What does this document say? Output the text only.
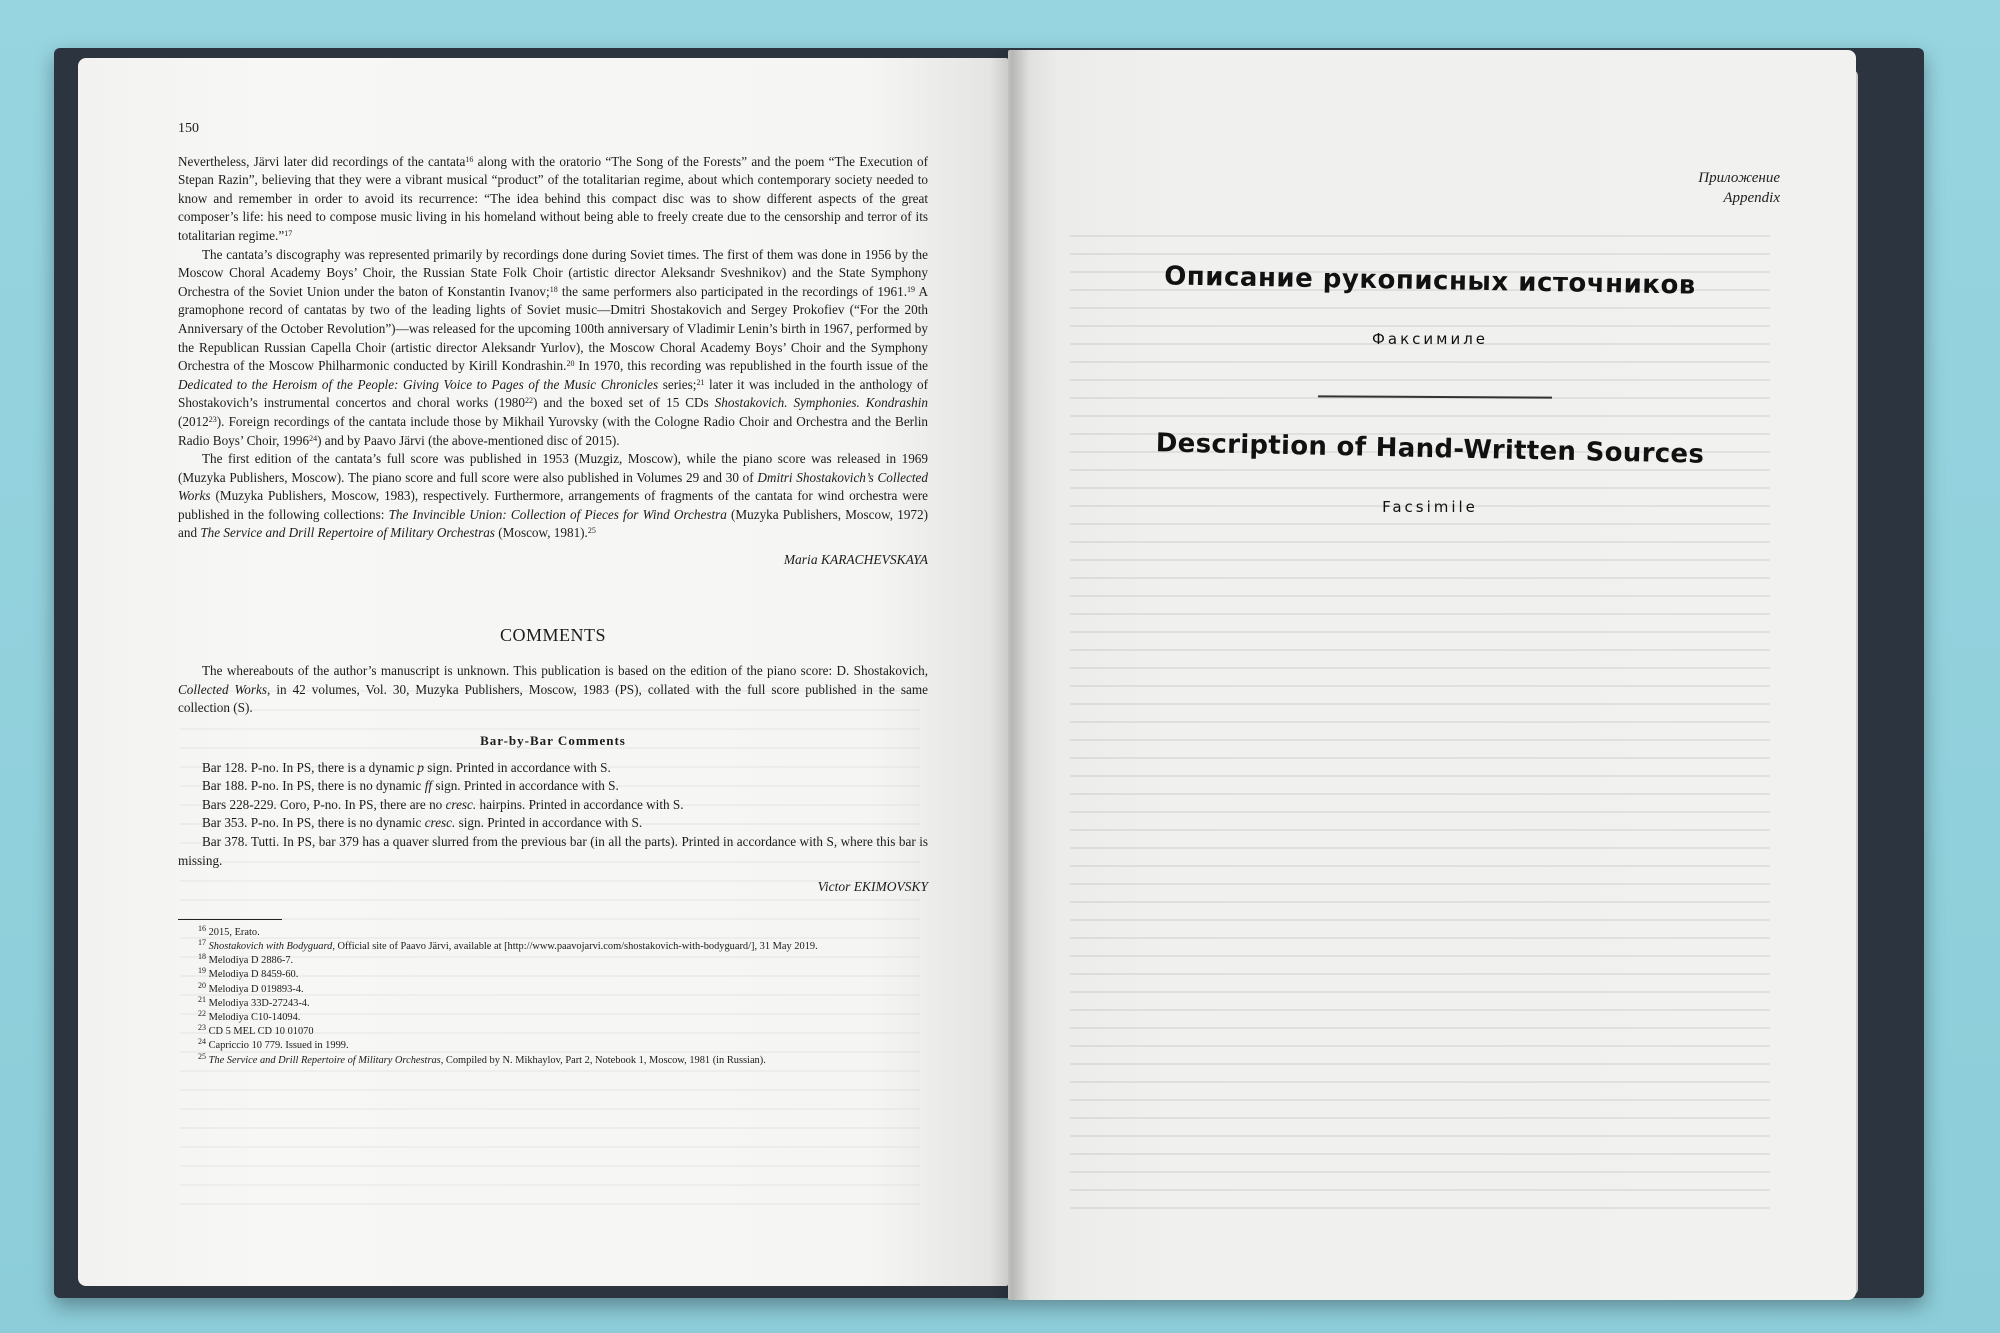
150

Nevertheless, Järvi later did recordings of the cantata$^{16}$ along with the oratorio “The Song of the Forests” and the poem “The Execution of Stepan Razin”, believing that they were a vibrant musical “product” of the totalitarian regime, about which contemporary society needed to know and remember in order to avoid its recurrence: “The idea behind this compact disc was to show different aspects of the great composer’s life: his need to compose music living in his homeland without being able to freely create due to the censorship and terror of its totalitarian regime.”$^{17}$

The cantata’s discography was represented primarily by recordings done during Soviet times. The first of them was done in 1956 by the Moscow Choral Academy Boys’ Choir, the Russian State Folk Choir (artistic director Aleksandr Sveshnikov) and the State Symphony Orchestra of the Soviet Union under the baton of Konstantin Ivanov;$^{18}$ the same performers also participated in the recordings of 1961.19 A gramophone record of cantatas by two of the leading lights of Soviet music—Dmitri Shostakovich and Sergey Prokofiev (“For the 20th Anniversary of the October Revolution”)—was released for the upcoming 100th anniversary of Vladimir Lenin’s birth in 1967, performed by the Republican Russian Capella Choir (artistic director Aleksandr Yurlov), the Moscow Choral Academy Boys’ Choir and the Symphony Orchestra of the Moscow Philharmonic conducted by Kirill Kondrashin.$^{20}$ In 1970, this recording was republished in the fourth issue of the Dedicated to the Heroism of the People: Giving Voice to Pages of the Music Chronicles series;$^{21}$ later it was included in the anthology of Shostakovich’s instrumental concertos and choral works (1980$^{22}$) and the boxed set of 15 CDs Shostakovich. Symphonies. Kondrashin (2012$^{23}$). Foreign recordings of the cantata include those by Mikhail Yurovsky (with the Cologne Radio Choir and Orchestra and the Berlin Radio Boys’ Choir, 1996$^{24}$) and by Paavo Järvi (the above-mentioned disc of 2015).

The first edition of the cantata’s full score was published in 1953 (Muzgiz, Moscow), while the piano score was released in 1969 (Muzyka Publishers, Moscow). The piano score and full score were also published in Volumes 29 and 30 of Dmitri Shostakovich’s Collected Works (Muzyka Publishers, Moscow, 1983), respectively. Furthermore, arrangements of fragments of the cantata for wind orchestra were published in the following collections: The Invincible Union: Collection of Pieces for Wind Orchestra (Muzyka Publishers, Moscow, 1972) and The Service and Drill Repertoire of Military Orchestras (Moscow, 1981).$^{25}$

Maria KARACHEVSKAYA
COMMENTS

The whereabouts of the author’s manuscript is unknown. This publication is based on the edition of the piano score: D. Shostakovich, Collected Works, in 42 volumes, Vol. 30, Muzyka Publishers, Moscow, 1983 (PS), collated with the full score published in the same collection (S).

Bar-by-Bar Comments

Bar 128. P-no. In PS, there is a dynamic p sign. Printed in accordance with S.

Bar 188. P-no. In PS, there is no dynamic ff sign. Printed in accordance with S.

Bars 228-229. Coro, P-no. In PS, there are no cresc. hairpins. Printed in accordance with S.

Bar 353. P-no. In PS, there is no dynamic cresc. sign. Printed in accordance with S.

Bar 378. Tutti. In PS, bar 379 has a quaver slurred from the previous bar (in all the parts). Printed in accordance with S, where this bar is missing.

Victor EKIMOVSKY

$^{16}$ 2015, Erato.

$^{17}$ Shostakovich with Bodyguard, Official site of Paavo Järvi, available at [http://www.paavojarvi.com/shostakovich-with-bodyguard/], 31 May 2019.

$^{18}$ Melodiya D 2886-7.

$^{19}$ Melodiya D 8459-60.

$^{20}$ Melodiya D 019893-4.

$^{21}$ Melodiya 33D-27243-4.

$^{22}$ Melodiya C10-14094.

$^{23}$ CD 5 MEL CD 10 01070

$^{24}$ Capriccio 10 779. Issued in 1999.

$^{25}$ The Service and Drill Repertoire of Military Orchestras, Compiled by N. Mikhaylov, Part 2, Notebook 1, Moscow, 1981 (in Russian).

Приложение
Appendix
Описание рукописных источников
Факсимиле
Description of Hand-Written Sources
Facsimile
